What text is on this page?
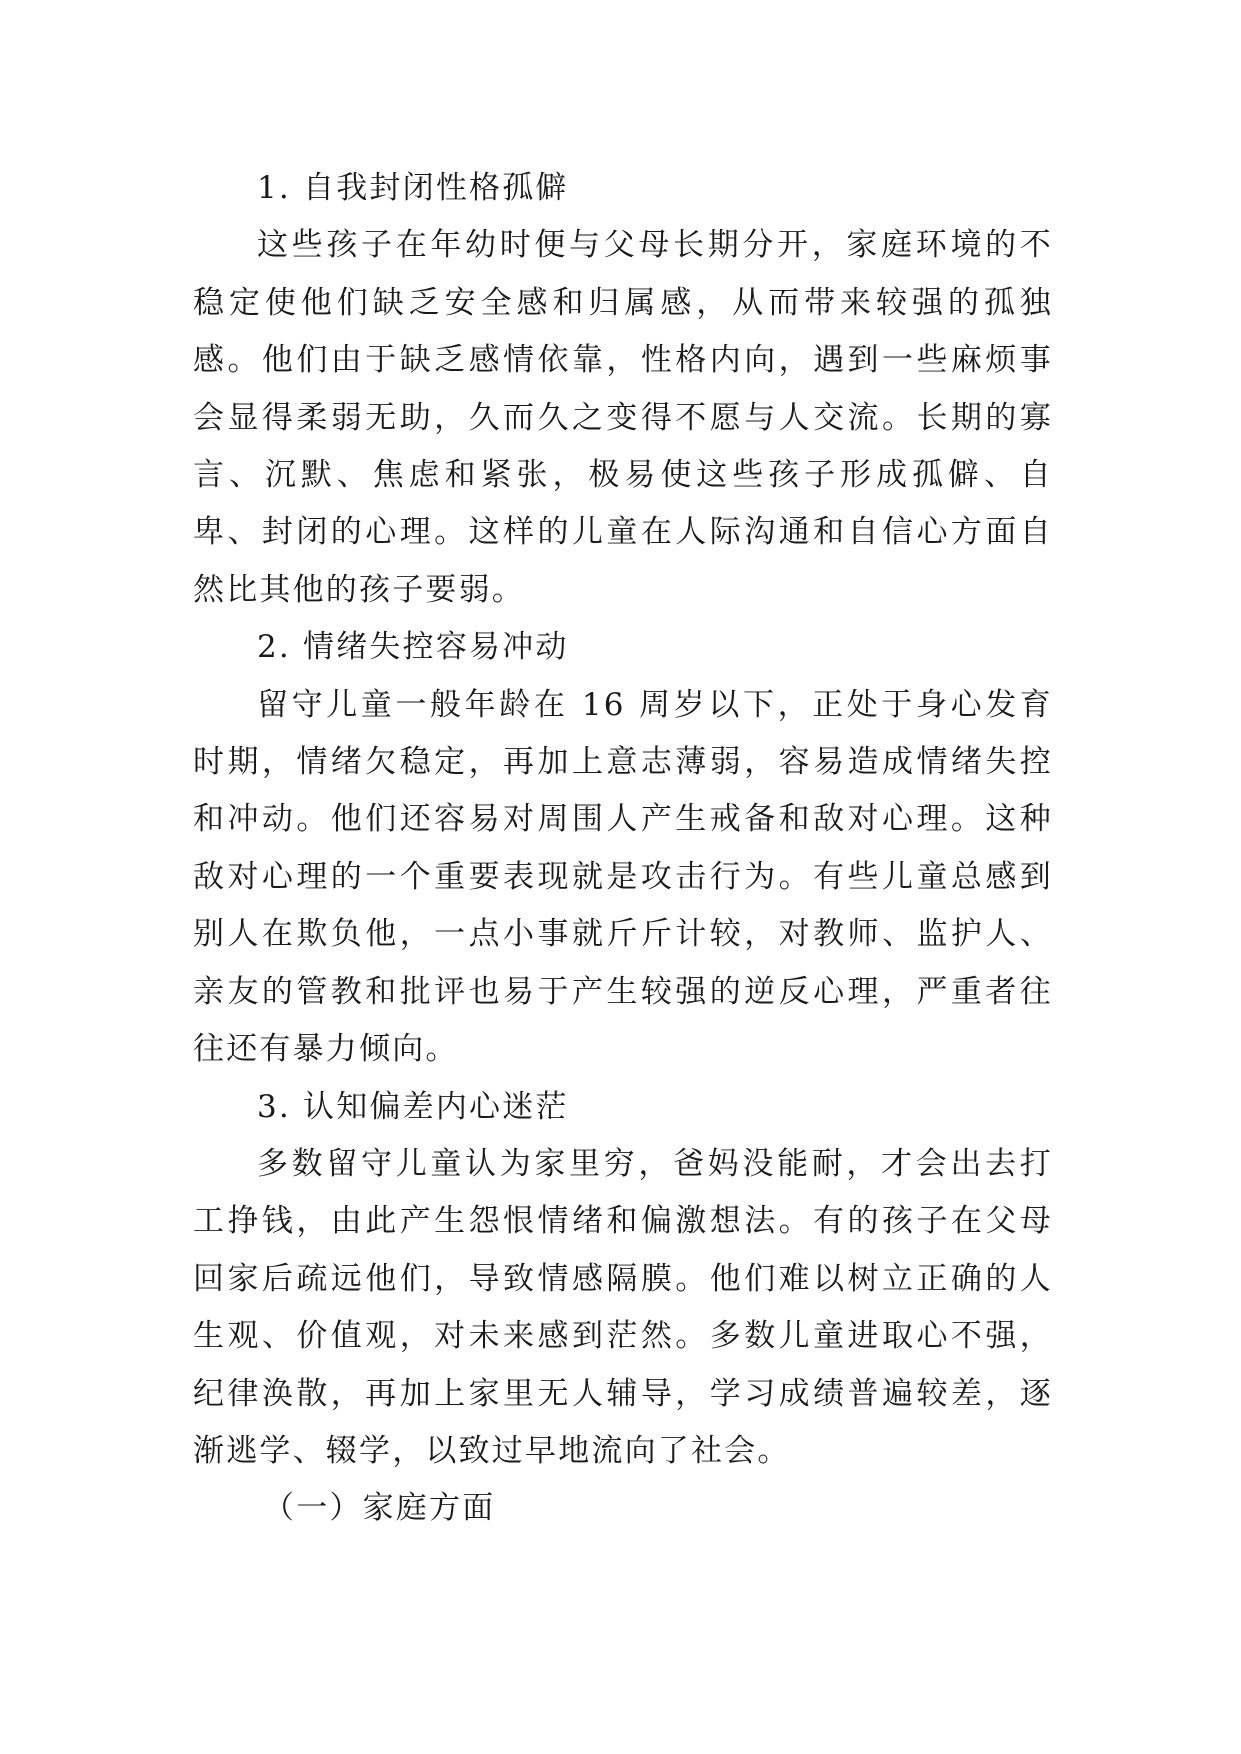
1. 自我封闭性格孤僻

这些孩子在年幼时便与父母长期分开，家庭环境的不稳定使他们缺乏安全感和归属感，从而带来较强的孤独感。他们由于缺乏感情依靠，性格内向，遇到一些麻烦事会显得柔弱无助，久而久之变得不愿与人交流。长期的寡言、沉默、焦虑和紧张，极易使这些孩子形成孤僻、自卑、封闭的心理。这样的儿童在人际沟通和自信心方面自然比其他的孩子要弱。

2. 情绪失控容易冲动

留守儿童一般年龄在 16 周岁以下，正处于身心发育时期，情绪欠稳定，再加上意志薄弱，容易造成情绪失控和冲动。他们还容易对周围人产生戒备和敌对心理。这种敌对心理的一个重要表现就是攻击行为。有些儿童总感到别人在欺负他，一点小事就斤斤计较，对教师、监护人、亲友的管教和批评也易于产生较强的逆反心理，严重者往往还有暴力倾向。

3. 认知偏差内心迷茫

多数留守儿童认为家里穷，爸妈没能耐，才会出去打工挣钱，由此产生怨恨情绪和偏激想法。有的孩子在父母回家后疏远他们，导致情感隔膜。他们难以树立正确的人生观、价值观，对未来感到茫然。多数儿童进取心不强，纪律涣散，再加上家里无人辅导，学习成绩普遍较差，逐渐逃学、辍学，以致过早地流向了社会。

（一）家庭方面
